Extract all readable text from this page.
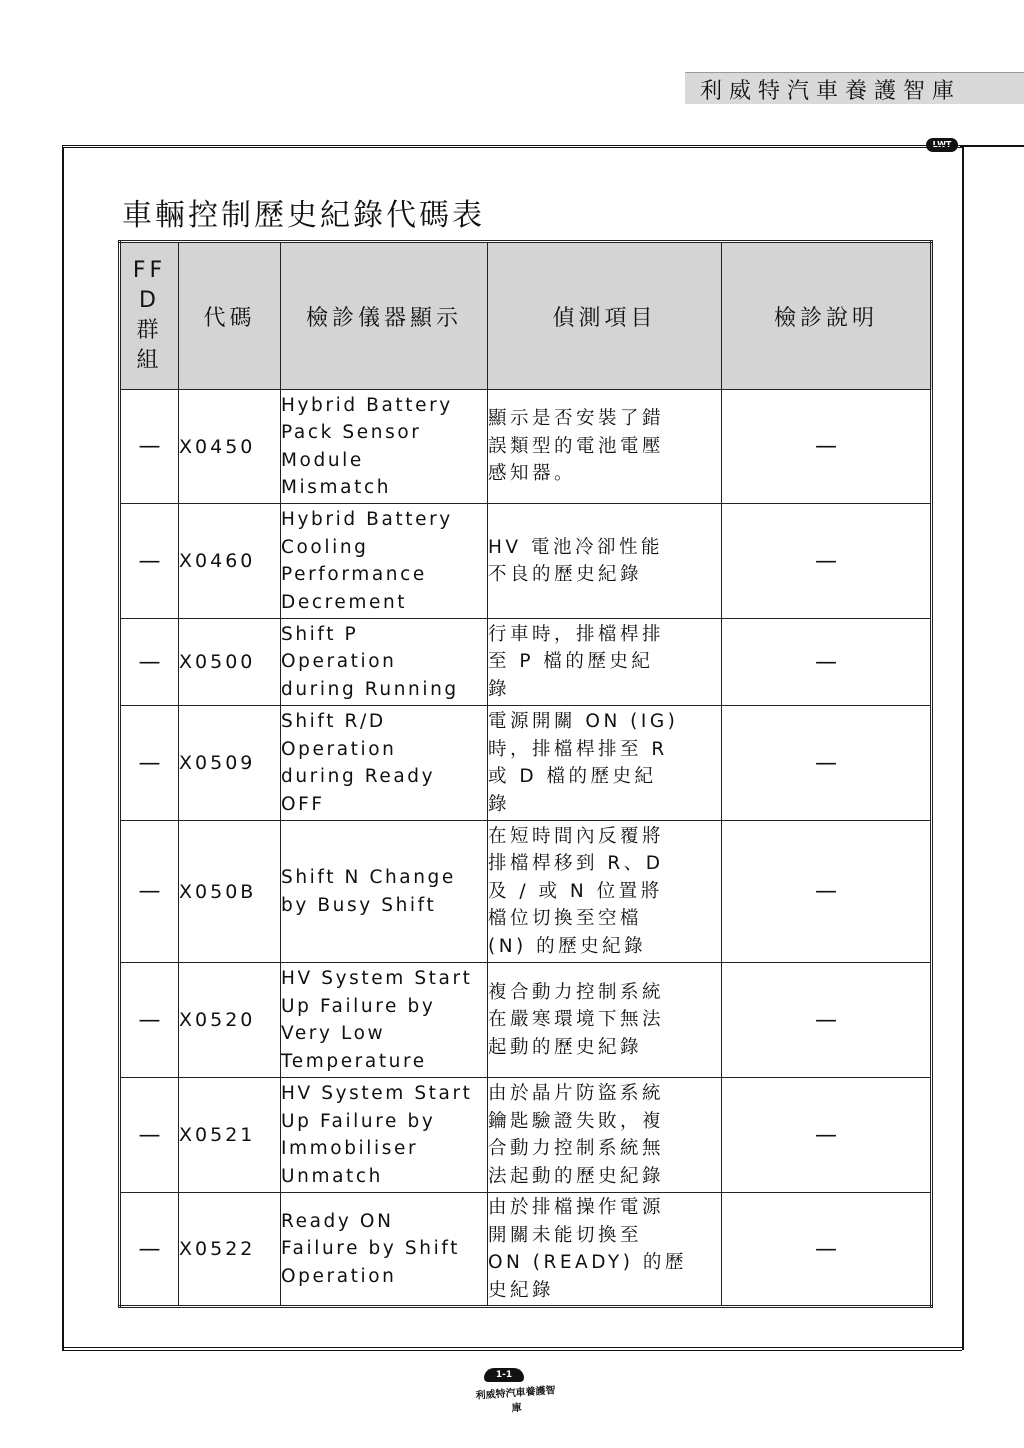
利威特汽車養護智庫
LWT
車輛控制歷史紀錄代碼表
FF
D
群
組	代碼	檢診儀器顯示	偵測項目	檢診說明
—	X0450	Hybrid Battery
Pack Sensor
Module
Mismatch	顯示是否安裝了錯
誤類型的電池電壓
感知器。	—
—	X0460	Hybrid Battery
Cooling
Performance
Decrement	HV 電池冷卻性能
不良的歷史紀錄	—
—	X0500	Shift P
Operation
during Running	行車時，排檔桿排
至 P 檔的歷史紀
錄	—
—	X0509	Shift R/D
Operation
during Ready
OFF	電源開關 ON (IG)
時，排檔桿排至 R
或 D 檔的歷史紀
錄	—
—	X050B	Shift N Change
by Busy Shift	在短時間內反覆將
排檔桿移到 R、D
及 / 或 N 位置將
檔位切換至空檔
(N) 的歷史紀錄	—
—	X0520	HV System Start
Up Failure by
Very Low
Temperature	複合動力控制系統
在嚴寒環境下無法
起動的歷史紀錄	—
—	X0521	HV System Start
Up Failure by
Immobiliser
Unmatch	由於晶片防盜系統
鑰匙驗證失敗，複
合動力控制系統無
法起動的歷史紀錄	—
—	X0522	Ready ON
Failure by Shift
Operation	由於排檔操作電源
開關未能切換至
ON (READY) 的歷
史紀錄	—
1-1
利威特汽車養護智庫
